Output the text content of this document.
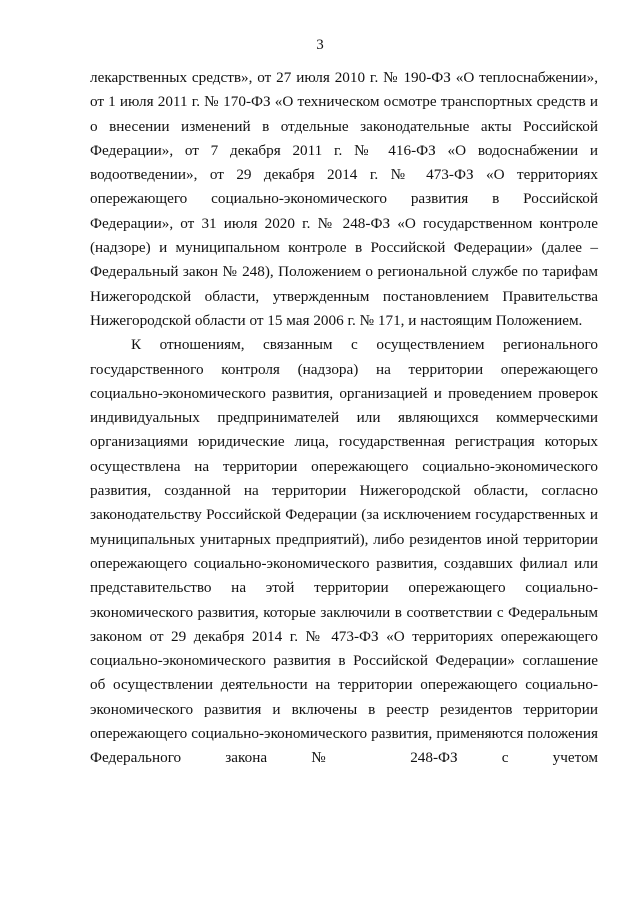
3

лекарственных средств», от 27 июля 2010 г. № 190-ФЗ «О теплоснабжении», от 1 июля 2011 г. № 170-ФЗ «О техническом осмотре транспортных средств и о внесении изменений в отдельные законодательные акты Российской Федерации», от 7 декабря 2011 г. № 416-ФЗ «О водоснабжении и водоотведении», от 29 декабря 2014 г. № 473-ФЗ «О территориях опережающего социально-экономического развития в Российской Федерации», от 31 июля 2020 г. № 248-ФЗ «О государственном контроле (надзоре) и муниципальном контроле в Российской Федерации» (далее – Федеральный закон № 248), Положением о региональной службе по тарифам Нижегородской области, утвержденным постановлением Правительства Нижегородской области от 15 мая 2006 г. № 171, и настоящим Положением.

К отношениям, связанным с осуществлением регионального государственного контроля (надзора) на территории опережающего социально-экономического развития, организацией и проведением проверок индивидуальных предпринимателей или являющихся коммерческими организациями юридические лица, государственная регистрация которых осуществлена на территории опережающего социально-экономического развития, созданной на территории Нижегородской области, согласно законодательству Российской Федерации (за исключением государственных и муниципальных унитарных предприятий), либо резидентов иной территории опережающего социально-экономического развития, создавших филиал или представительство на этой территории опережающего социально-экономического развития, которые заключили в соответствии с Федеральным законом от 29 декабря 2014 г. № 473-ФЗ «О территориях опережающего социально-экономического развития в Российской Федерации» соглашение об осуществлении деятельности на территории опережающего социально-экономического развития и включены в реестр резидентов территории опережающего социально-экономического развития, применяются положения Федерального закона № 248-ФЗ с учетом
